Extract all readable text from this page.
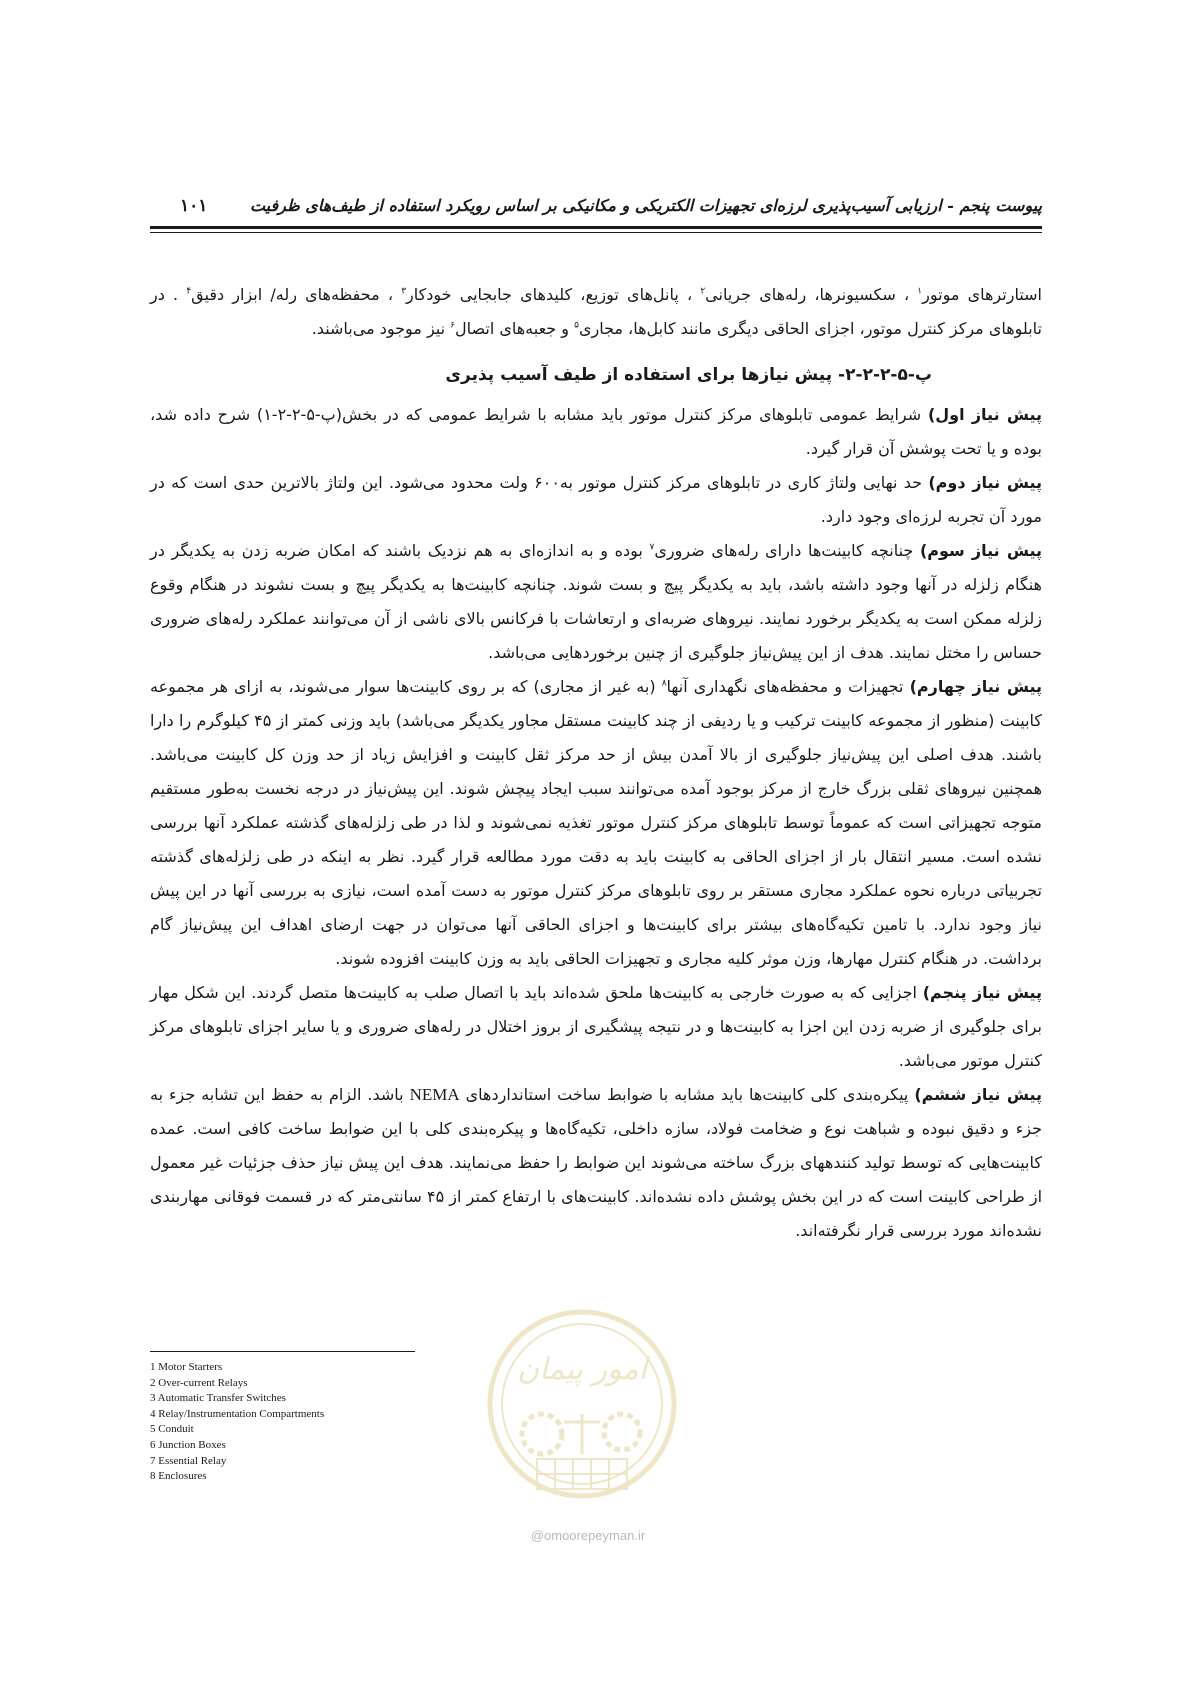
پیوست پنجم - ارزیابی آسیب‌پذیری لرزه‌ای تجهیزات الکتریکی و مکانیکی بر اساس رویکرد استفاده از طیف‌های ظرفیت
۱۰۱

استارترهای موتور$^۱$ ، سکسیونرها، رله‌های جریانی$^۲$ ، پانل‌های توزیع، کلیدهای جابجایی خودکار$^۳$ ، محفظه‌های رله/ ابزار دقیق$^۴$ . در تابلوهای مرکز کنترل موتور، اجزای الحاقی دیگری مانند کابل‌ها، مجاری$^۵$ و جعبه‌های اتصال$^۶$ نیز موجود می‌باشند.

پ-۵-۲-۲-۲- پیش نیازها برای استفاده از طیف آسیب پذیری

پیش نیاز اول) شرایط عمومی تابلوهای مرکز کنترل موتور باید مشابه با شرایط عمومی که در بخش(پ-۵-۲-۲-۱) شرح داده شد، بوده و یا تحت پوشش آن قرار گیرد.

پیش نیاز دوم) حد نهایی ولتاژ کاری در تابلوهای مرکز کنترل موتور به۶۰۰ ولت محدود می‌شود. این ولتاژ بالاترین حدی است که در مورد آن تجربه لرزه‌ای وجود دارد.

پیش نیاز سوم) چنانچه کابینت‌ها دارای رله‌های ضروری$^۷$ بوده و به اندازه‌ای به هم نزدیک باشند که امکان ضربه زدن به یکدیگر در هنگام زلزله در آنها وجود داشته باشد، باید به یکدیگر پیچ و بست شوند. چنانچه کابینت‌ها به یکدیگر پیچ و بست نشوند در هنگام وقوع زلزله ممکن است به یکدیگر برخورد نمایند. نیروهای ضربه‌ای و ارتعاشات با فرکانس بالای ناشی از آن می‌توانند عملکرد رله‌های ضروری حساس را مختل نمایند. هدف از این پیش‌نیاز جلوگیری از چنین برخوردهایی می‌باشد.

پیش نیاز چهارم) تجهیزات و محفظه‌های نگهداری آنها$^۸$ (به غیر از مجاری) که بر روی کابینت‌ها سوار می‌شوند، به ازای هر مجموعه کابینت (منظور از مجموعه کابینت ترکیب و یا ردیفی از چند کابینت مستقل مجاور یکدیگر می‌باشد) باید وزنی کمتر از ۴۵ کیلوگرم را دارا باشند. هدف اصلی این پیش‌نیاز جلوگیری از بالا آمدن بیش از حد مرکز ثقل کابینت و افزایش زیاد از حد وزن کل کابینت می‌باشد. همچنین نیروهای ثقلی بزرگ خارج از مرکز بوجود آمده می‌توانند سبب ایجاد پیچش شوند. این پیش‌نیاز در درجه نخست به‌طور مستقیم متوجه تجهیزاتی است که عموماً توسط تابلوهای مرکز کنترل موتور تغذیه نمی‌شوند و لذا در طی زلزله‌های گذشته عملکرد آنها بررسی نشده است. مسیر انتقال بار از اجزای الحاقی به کابینت باید به دقت مورد مطالعه قرار گیرد. نظر به اینکه در طی زلزله‌های گذشته تجربیاتی درباره نحوه عملکرد مجاری مستقر بر روی تابلوهای مرکز کنترل موتور به دست آمده است، نیازی به بررسی آنها در این پیش نیاز وجود ندارد. با تامین تکیه‌گاه‌های بیشتر برای کابینت‌ها و اجزای الحاقی آنها می‌توان در جهت ارضای اهداف این پیش‌نیاز گام برداشت. در هنگام کنترل مهارها، وزن موثر کلیه مجاری و تجهیزات الحاقی باید به وزن کابینت افزوده شوند.

پیش نیاز پنجم) اجزایی که به صورت خارجی به کابینت‌ها ملحق شده‌اند باید با اتصال صلب به کابینت‌ها متصل گردند. این شکل مهار برای جلوگیری از ضربه زدن این اجزا به کابینت‌ها و در نتیجه پیشگیری از بروز اختلال در رله‌های ضروری و یا سایر اجزای تابلوهای مرکز کنترل موتور می‌باشد.

پیش نیاز ششم) پیکره‌بندی کلی کابینت‌ها باید مشابه با ضوابط ساخت استانداردهای NEMA باشد. الزام به حفظ این تشابه جزء به جزء و دقیق نبوده و شباهت نوع و ضخامت فولاد، سازه داخلی، تکیه‌گاه‌ها و پیکره‌بندی کلی با این ضوابط ساخت کافی است. عمده کابینت‌هایی که توسط تولید کنندههای بزرگ ساخته می‌شوند این ضوابط را حفظ می‌نمایند. هدف این پیش نیاز حذف جزئیات غیر معمول از طراحی کابینت است که در این بخش پوشش داده نشده‌اند. کابینت‌های با ارتفاع کمتر از ۴۵ سانتی‌متر که در قسمت فوقانی مهاربندی نشده‌اند مورد بررسی قرار نگرفته‌اند.

1 Motor Starters
2 Over-current Relays
3 Automatic Transfer Switches
4 Relay/Instrumentation Compartments
5 Conduit
6 Junction Boxes
7 Essential Relay
8 Enclosures
امور پیمان
@omoorepeyman.ir
